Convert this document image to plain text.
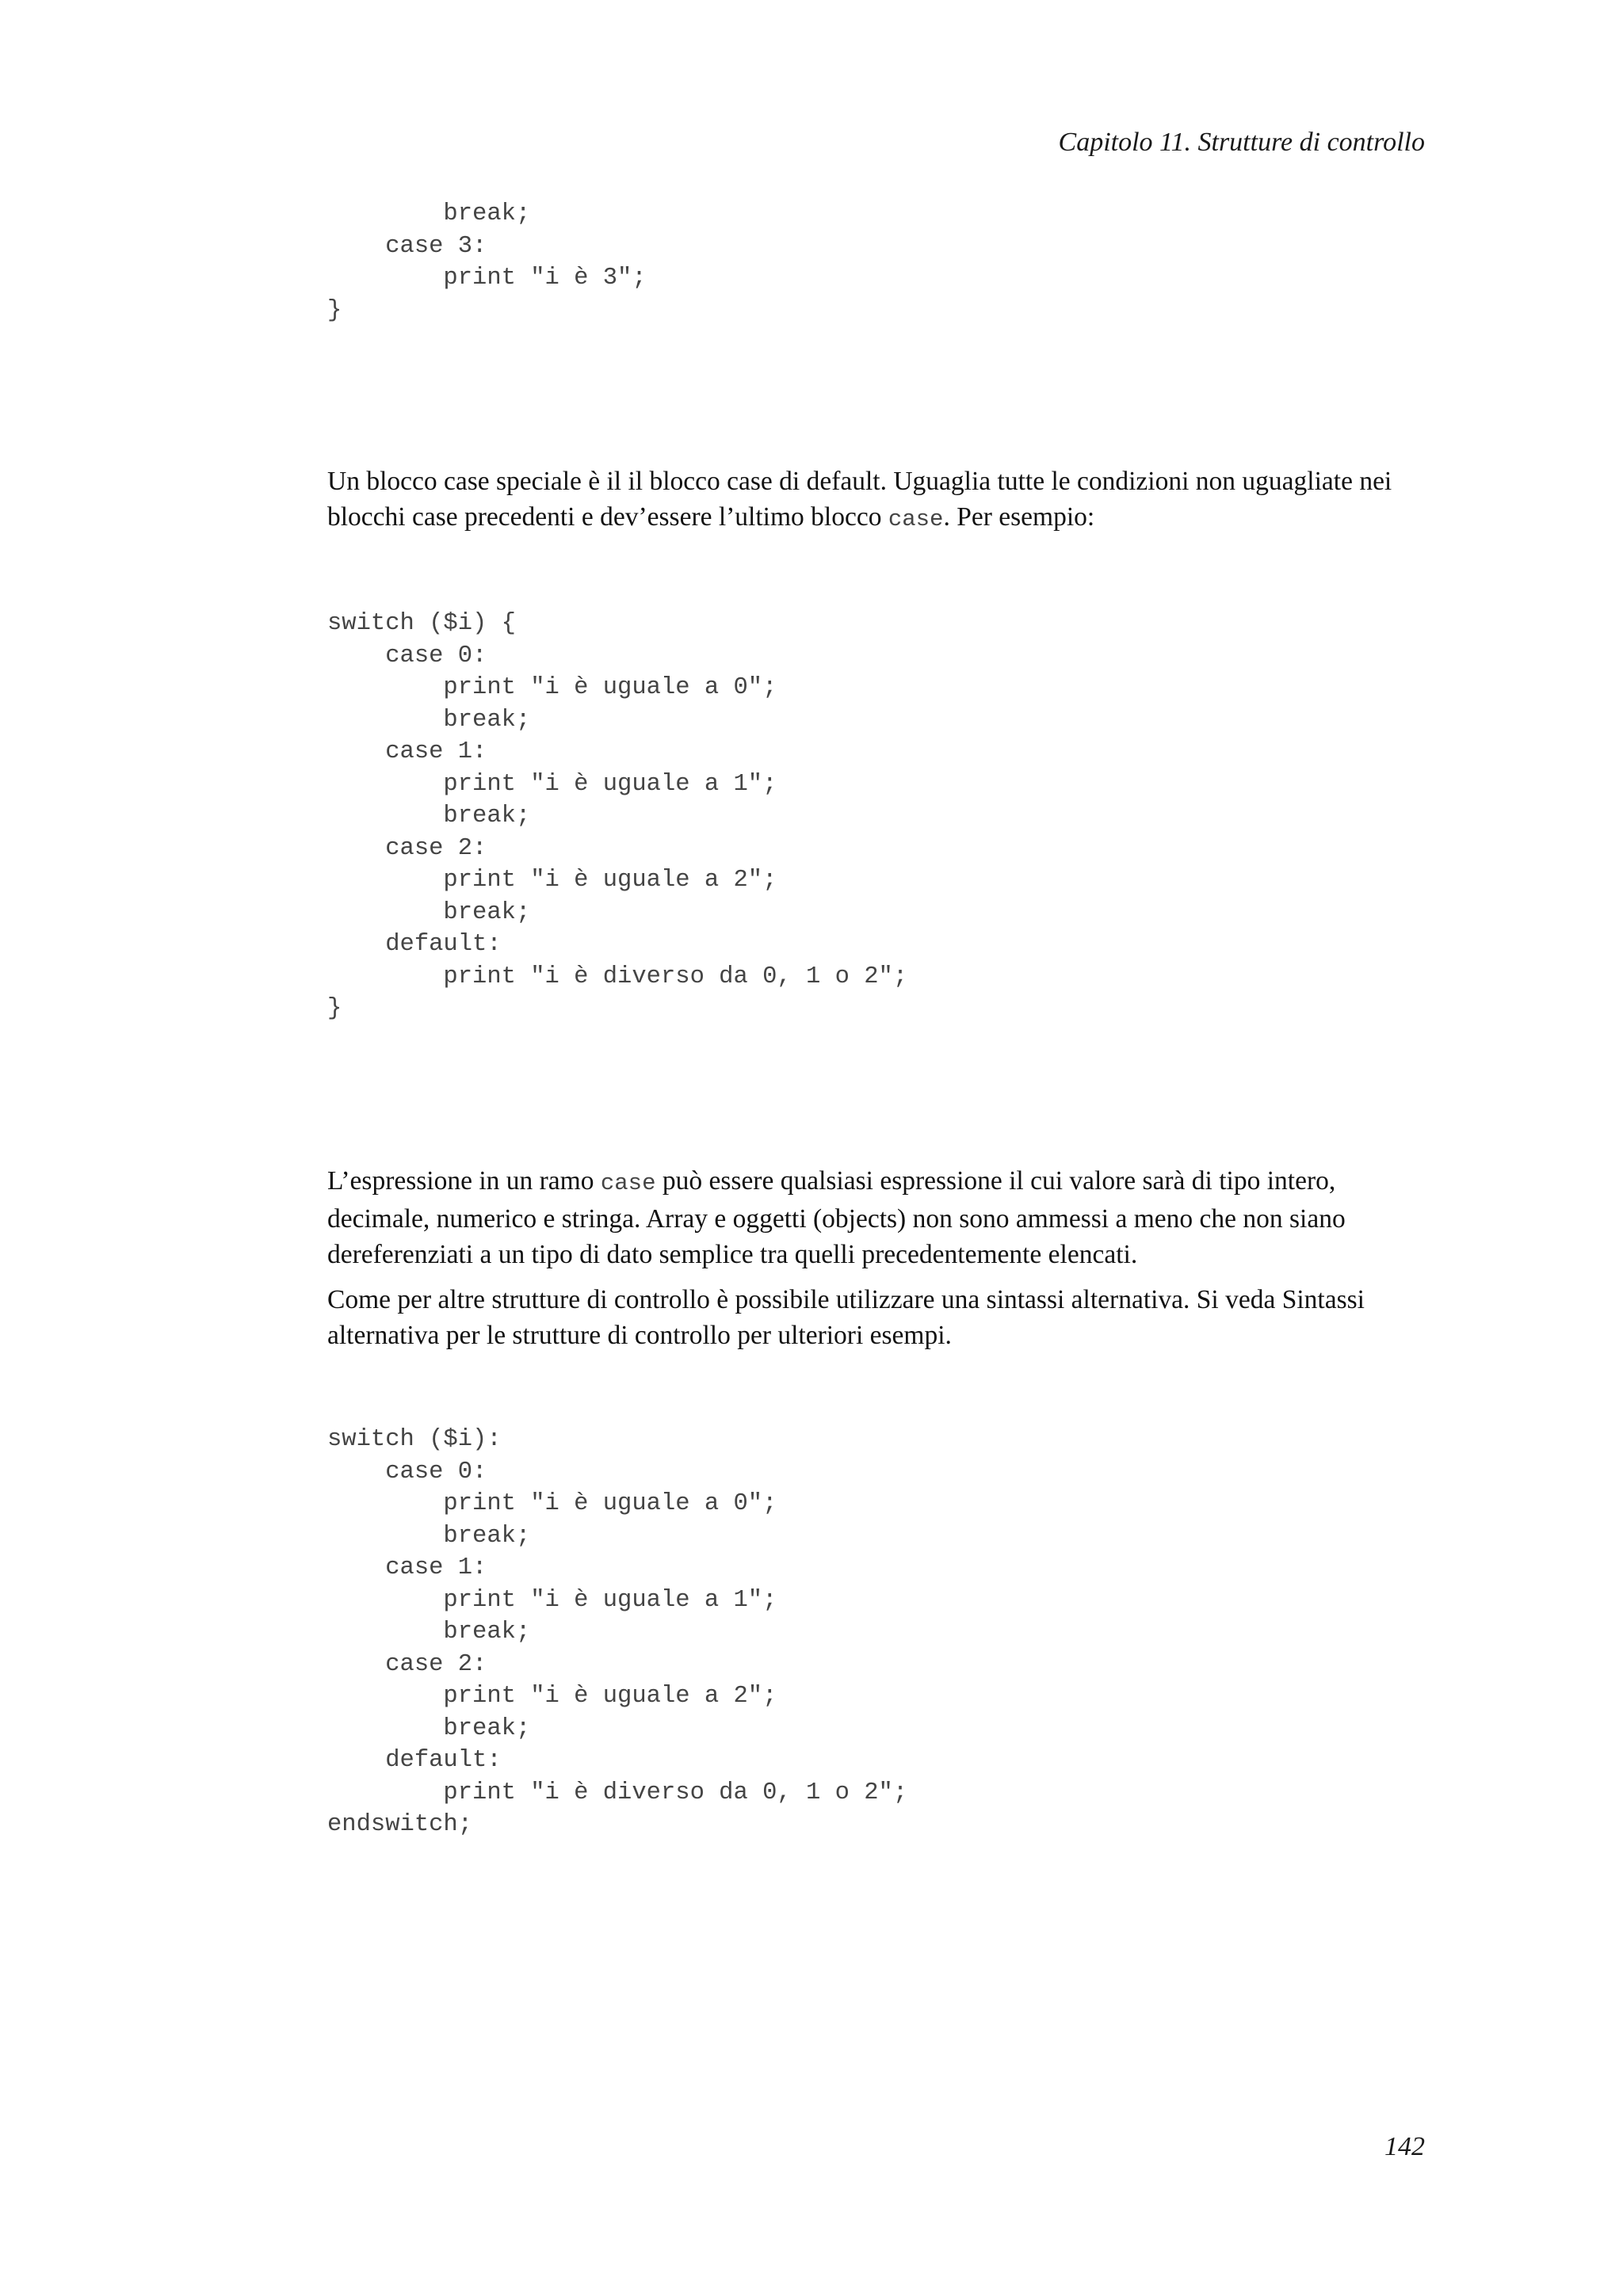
Capitolo 11. Strutture di controllo
break;
case 3:
print "i è 3";
}

Un blocco case speciale è il il blocco case di default. Uguaglia tutte le condizioni non uguagliate nei blocchi case precedenti e dev’essere l’ultimo blocco case. Per esempio:

switch ($i) {
case 0:
print "i è uguale a 0";
break;
case 1:
print "i è uguale a 1";
break;
case 2:
print "i è uguale a 2";
break;
default:
print "i è diverso da 0, 1 o 2";
}

L’espressione in un ramo case può essere qualsiasi espressione il cui valore sarà di tipo intero, decimale, numerico e stringa. Array e oggetti (objects) non sono ammessi a meno che non siano dereferenziati a un tipo di dato semplice tra quelli precedentemente elencati.

Come per altre strutture di controllo è possibile utilizzare una sintassi alternativa. Si veda Sintassi alternativa per le strutture di controllo per ulteriori esempi.

switch ($i):
case 0:
print "i è uguale a 0";
break;
case 1:
print "i è uguale a 1";
break;
case 2:
print "i è uguale a 2";
break;
default:
print "i è diverso da 0, 1 o 2";
endswitch;
142
